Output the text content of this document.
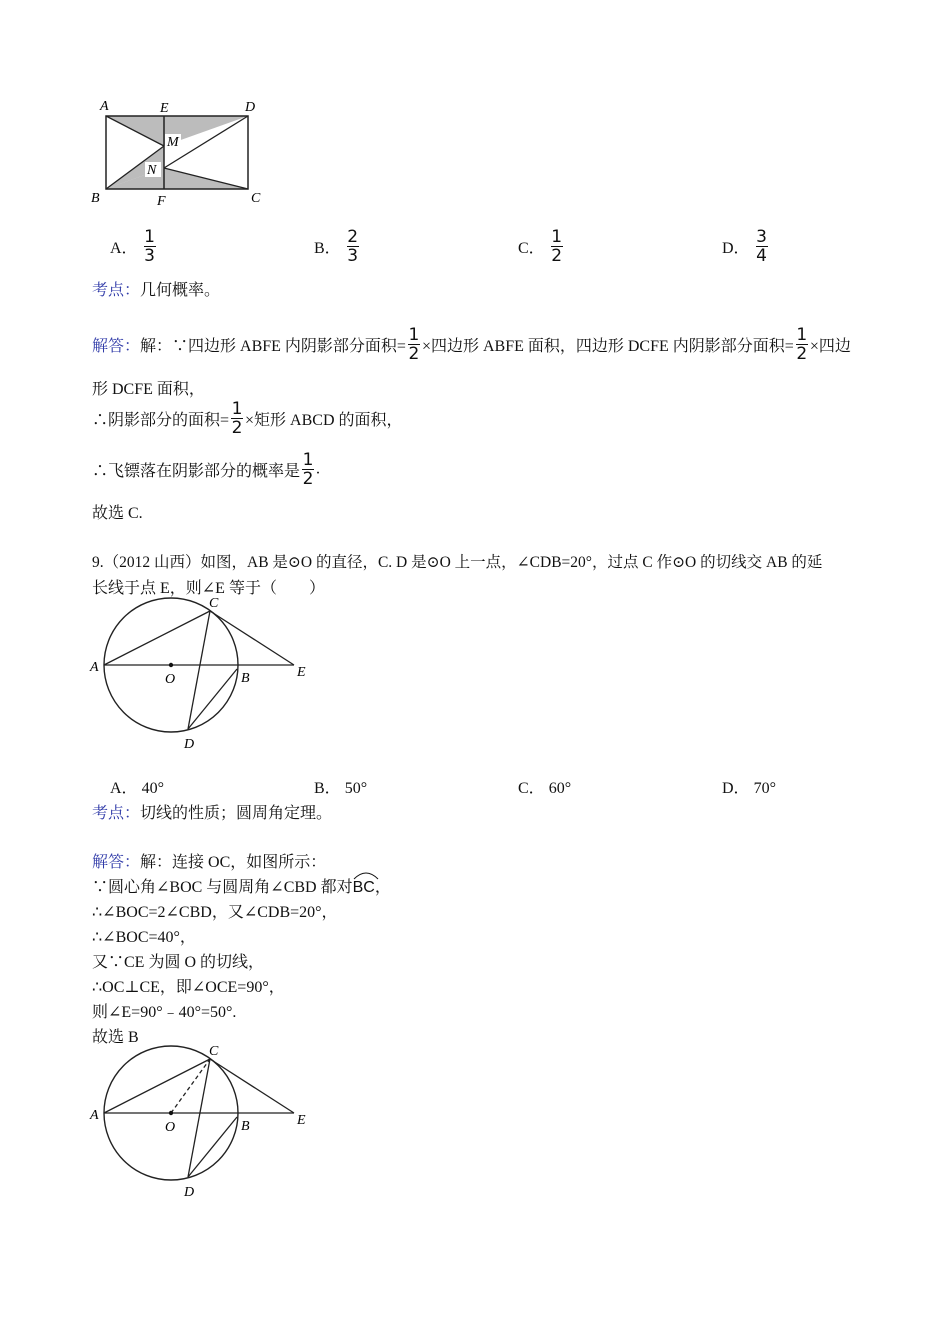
A	E	D
B	F	C
M
N
A． $\frac{1}{3}$	B． $\frac{2}{3}$	C． $\frac{1}{2}$	D． $\frac{3}{4}$
考点：几何概率。
解答：解：∵四边形 ABFE 内阴影部分面积= $\frac{1}{2}$ ×四边形 ABFE 面积，四边形 DCFE 内阴影部分面积= $\frac{1}{2}$ ×四边
形 DCFE 面积，
∴阴影部分的面积= $\frac{1}{2}$ ×矩形 ABCD 的面积，
∴飞镖落在阴影部分的概率是 $\frac{1}{2}$ .
故选 C.
9.（2012 山西）如图，AB 是⊙O 的直径，C. D 是⊙O 上一点，∠CDB=20°，过点 C 作⊙O 的切线交 AB 的延
长线于点 E，则∠E 等于（　　）
A
C
O	B	E
D
A． 40°	B． 50°	C． 60°	D． 70°
考点：切线的性质；圆周角定理。
解答：解：连接 OC，如图所示：
∵圆心角∠BOC 与圆周角∠CBD 都对
BC，
∴∠BOC=2∠CBD，又∠CDB=20°，
∴∠BOC=40°，
又∵CE 为圆 O 的切线，
∴OC⊥CE，即∠OCE=90°，
则∠E=90°﹣40°=50°.
故选 B
A
C
O	B	E
D
